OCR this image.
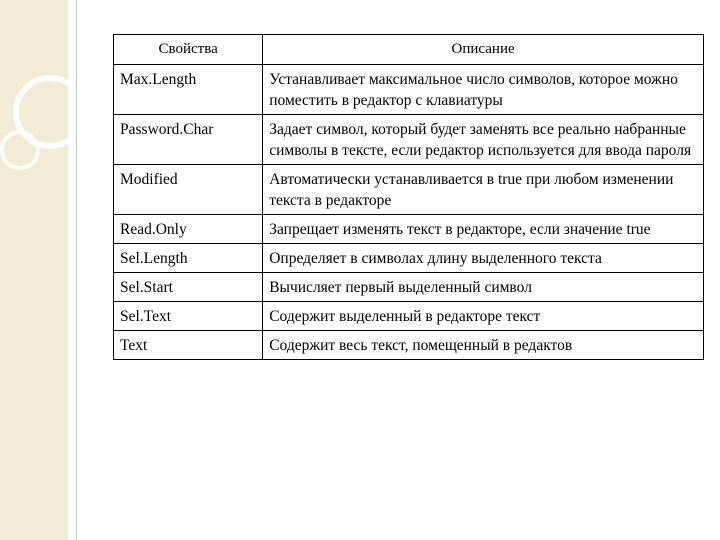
Свойства	Описание
Max.Length	Устанавливает максимальное число символов, которое можно поместить в редактор с клавиатуры
Password.Char	Задает символ, который будет заменять все реально набранные символы в тексте, если редактор используется для ввода пароля
Modified	Автоматически устанавливается в true при любом изменении текста в редакторе
Read.Only	Запрещает изменять текст в редакторе, если значение true
Sel.Length	Определяет в символах длину выделенного текста
Sel.Start	Вычисляет первый выделенный символ
Sel.Text	Содержит выделенный в редакторе текст
Text	Содержит весь текст, помещенный в редактов
